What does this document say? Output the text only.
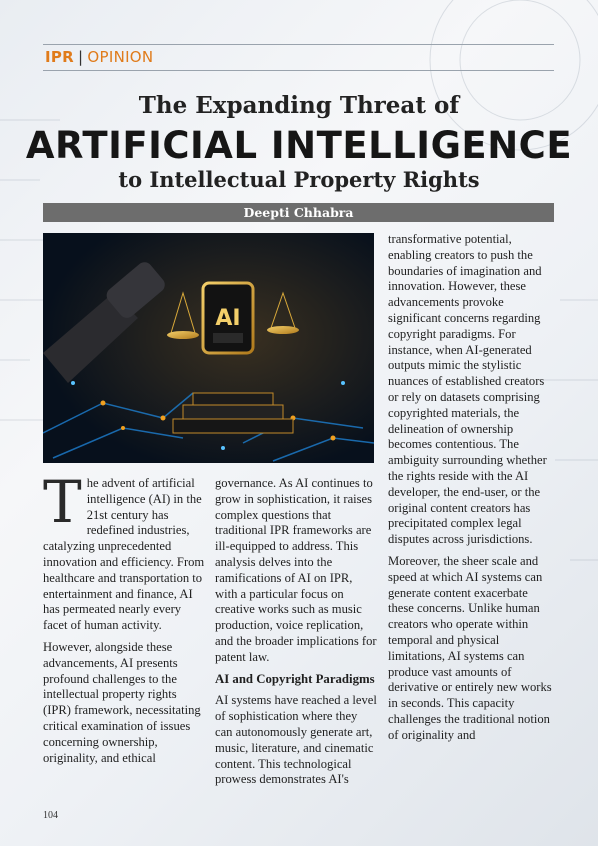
IPR | OPINION
The Expanding Threat of
ARTIFICIAL INTELLIGENCE
to Intellectual Property Rights
Deepti Chhabra
AI

The advent of artificial intelligence (AI) in the 21st century has redefined industries, catalyzing unprecedented innovation and efficiency. From healthcare and transportation to entertainment and finance, AI has permeated nearly every facet of human activity.

However, alongside these advancements, AI presents profound challenges to the intellectual property rights (IPR) framework, necessitating critical examination of issues concerning ownership, originality, and ethical

governance. As AI continues to grow in sophistication, it raises complex questions that traditional IPR frameworks are ill-equipped to address. This analysis delves into the ramifications of AI on IPR, with a particular focus on creative works such as music production, voice replication, and the broader implications for patent law.

AI and Copyright Paradigms

AI systems have reached a level of sophistication where they can autonomously generate art, music, literature, and cinematic content. This technological prowess demonstrates AI's

transformative potential, enabling creators to push the boundaries of imagination and innovation. However, these advancements provoke significant concerns regarding copyright paradigms. For instance, when AI-generated outputs mimic the stylistic nuances of established creators or rely on datasets comprising copyrighted materials, the delineation of ownership becomes contentious. The ambiguity surrounding whether the rights reside with the AI developer, the end-user, or the original content creators has precipitated complex legal disputes across jurisdictions.

Moreover, the sheer scale and speed at which AI systems can generate content exacerbate these concerns. Unlike human creators who operate within temporal and physical limitations, AI systems can produce vast amounts of derivative or entirely new works in seconds. This capacity challenges the traditional notion of originality and

104
